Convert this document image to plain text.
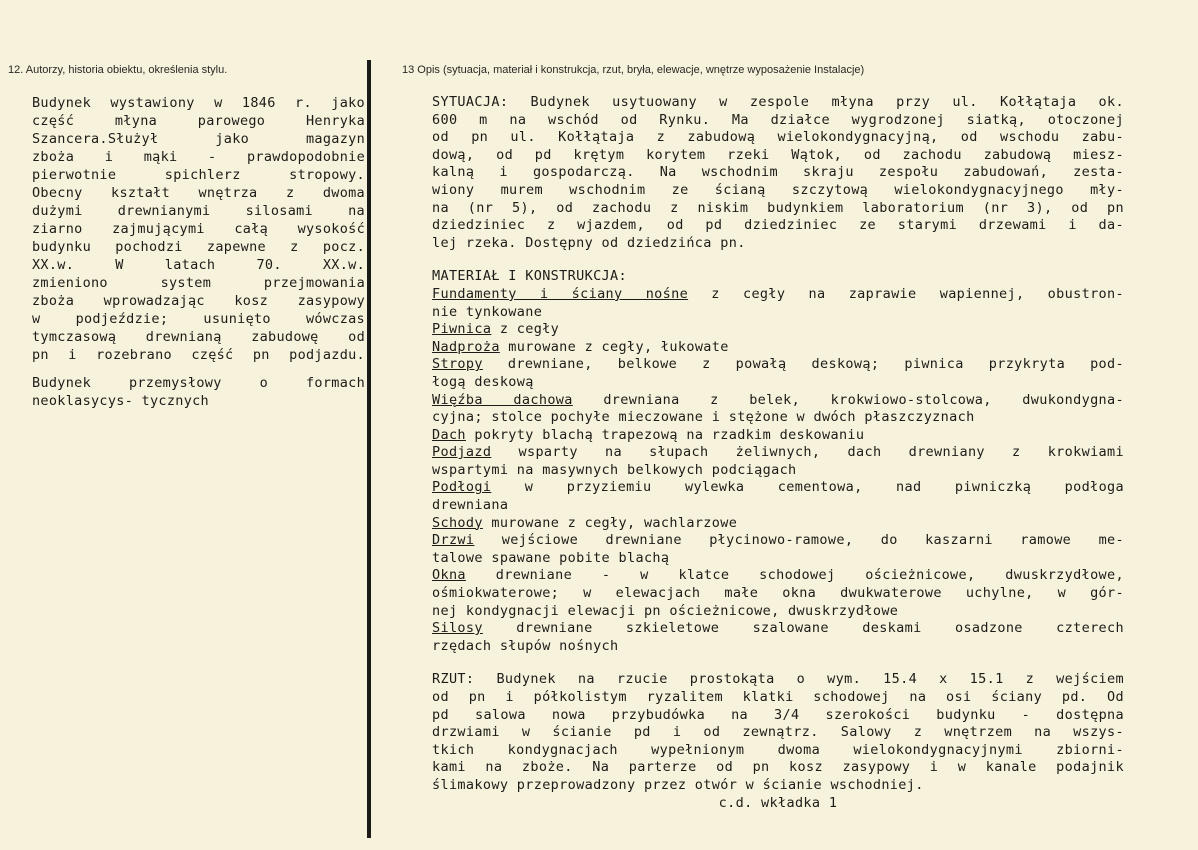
12. Autorzy, historia obiektu, określenia stylu.	13 Opis (sytuacja, materiał i konstrukcja, rzut, bryła, elewacje, wnętrze wyposażenie Instalacje)
Budynek wystawiony w 1846 r. jako
część młyna parowego Henryka
Szancera.Służył jako magazyn
zboża i mąki - prawdopodobnie
pierwotnie spichlerz stropowy.
Obecny kształt wnętrza z dwoma
dużymi drewnianymi silosami na
ziarno zajmującymi całą wysokość
budynku pochodzi zapewne z pocz.
XX.w. W latach 70. XX.w.
zmieniono system przejmowania
zboża wprowadzając kosz zasypowy
w podjeździe; usunięto wówczas
tymczasową drewnianą zabudowę od
pn i rozebrano część pn podjazdu.
Budynek przemysłowy o formach
neoklasycys- tycznych
SYTUACJA: Budynek usytuowany w zespole młyna przy ul. Kołłątaja ok.
600 m na wschód od Rynku. Ma działce wygrodzonej siatką, otoczonej
od pn ul. Kołłątaja z zabudową wielokondygnacyjną, od wschodu zabu-
dową, od pd krętym korytem rzeki Wątok, od zachodu zabudową miesz-
kalną i gospodarczą. Na wschodnim skraju zespołu zabudowań, zesta-
wiony murem wschodnim ze ścianą szczytową wielokondygnacyjnego mły-
na (nr 5), od zachodu z niskim budynkiem laboratorium (nr 3), od pn
dziedziniec z wjazdem, od pd dziedziniec ze starymi drzewami i da-
lej rzeka. Dostępny od dziedzińca pn.
MATERIAŁ I KONSTRUKCJA:
Fundamenty i ściany nośne z cegły na zaprawie wapiennej, obustron-
nie tynkowane
Piwnica z cegły
Nadproża murowane z cegły, łukowate
Stropy drewniane, belkowe z powałą deskową; piwnica przykryta pod-
łogą deskową
Więźba dachowa drewniana z belek, krokwiowo-stolcowa, dwukondygna-
cyjna; stolce pochyłe mieczowane i stężone w dwóch płaszczyznach
Dach pokryty blachą trapezową na rzadkim deskowaniu
Podjazd wsparty na słupach żeliwnych, dach drewniany z krokwiami
wspartymi na masywnych belkowych podciągach
Podłogi w przyziemiu wylewka cementowa, nad piwniczką podłoga
drewniana
Schody murowane z cegły, wachlarzowe
Drzwi wejściowe drewniane płycinowo-ramowe, do kaszarni ramowe me-
talowe spawane pobite blachą
Okna drewniane - w klatce schodowej ościeżnicowe, dwuskrzydłowe,
ośmiokwaterowe; w elewacjach małe okna dwukwaterowe uchylne, w gór-
nej kondygnacji elewacji pn ościeżnicowe, dwuskrzydłowe
Silosy drewniane szkieletowe szalowane deskami osadzone czterech
rzędach słupów nośnych
RZUT: Budynek na rzucie prostokąta o wym. 15.4 x 15.1 z wejściem
od pn i półkolistym ryzalitem klatki schodowej na osi ściany pd. Od
pd salowa nowa przybudówka na 3/4 szerokości budynku - dostępna
drzwiami w ścianie pd i od zewnątrz. Salowy z wnętrzem na wszys-
tkich kondygnacjach wypełnionym dwoma wielokondygnacyjnymi zbiorni-
kami na zboże. Na parterze od pn kosz zasypowy i w kanale podajnik
ślimakowy przeprowadzony przez otwór w ścianie wschodniej.
c.d. wkładka 1
